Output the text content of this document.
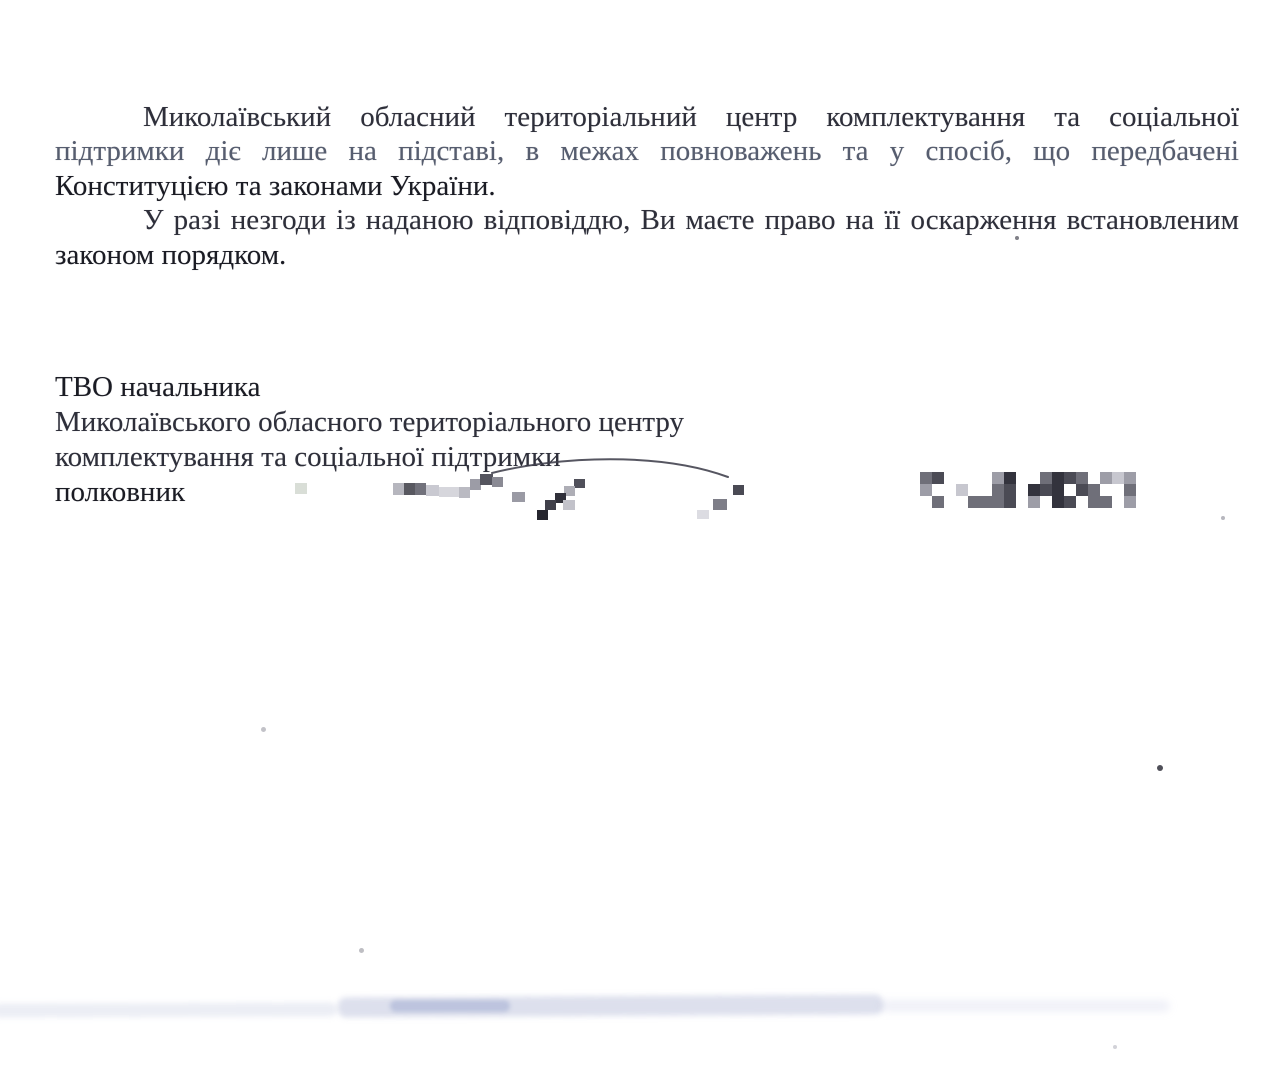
Миколаївський обласний територіальний центр комплектування та соціальної
підтримки діє лише на підставі, в межах повноважень та у спосіб, що передбачені
Конституцією та законами України.
У разі незгоди із наданою відповіддю, Ви маєте право на її оскарження встановленим
законом порядком.
ТВО начальника
Миколаївського обласного територіального центру
комплектування та соціальної підтримки
полковник
